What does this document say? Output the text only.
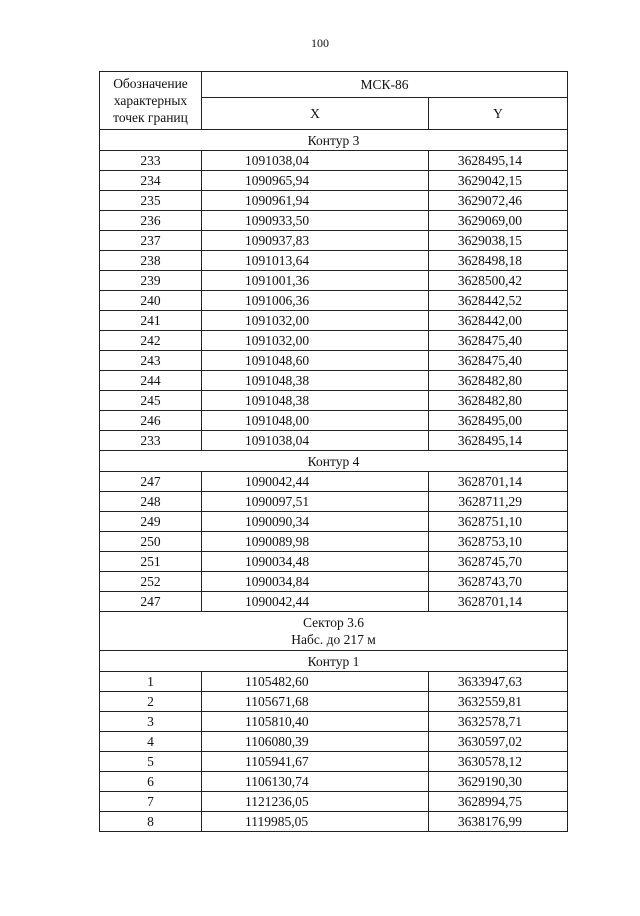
100
Обозначение
характерных
точек границ	МСК-86	
	X	Y
Контур 3		
233	1091038,04	3628495,14
234	1090965,94	3629042,15
235	1090961,94	3629072,46
236	1090933,50	3629069,00
237	1090937,83	3629038,15
238	1091013,64	3628498,18
239	1091001,36	3628500,42
240	1091006,36	3628442,52
241	1091032,00	3628442,00
242	1091032,00	3628475,40
243	1091048,60	3628475,40
244	1091048,38	3628482,80
245	1091048,38	3628482,80
246	1091048,00	3628495,00
233	1091038,04	3628495,14
Контур 4		
247	1090042,44	3628701,14
248	1090097,51	3628711,29
249	1090090,34	3628751,10
250	1090089,98	3628753,10
251	1090034,48	3628745,70
252	1090034,84	3628743,70
247	1090042,44	3628701,14
Сектор 3.6
Набс. до 217 м		
Контур 1		
1	1105482,60	3633947,63
2	1105671,68	3632559,81
3	1105810,40	3632578,71
4	1106080,39	3630597,02
5	1105941,67	3630578,12
6	1106130,74	3629190,30
7	1121236,05	3628994,75
8	1119985,05	3638176,99
